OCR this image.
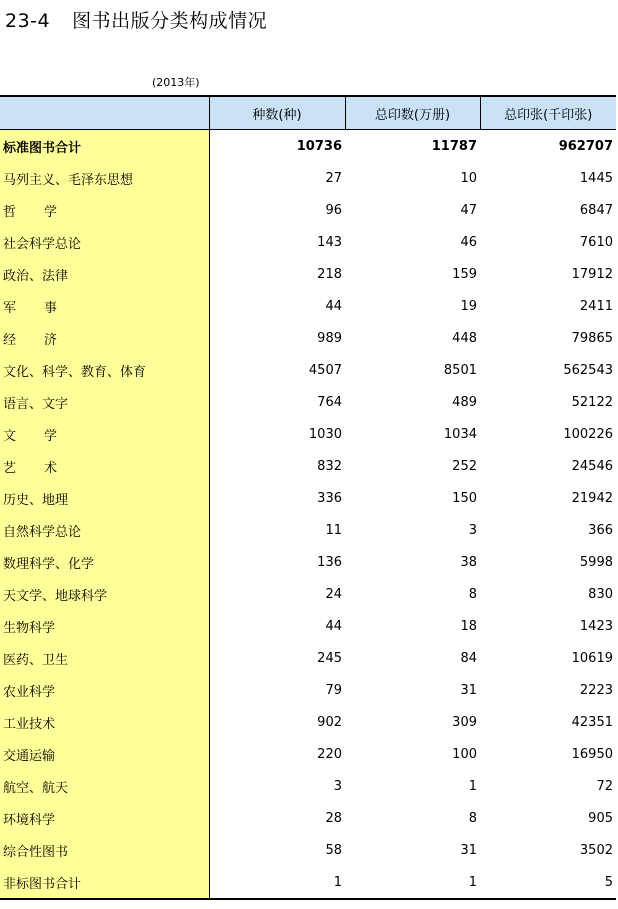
23-4 图书出版分类构成情况
(2013年)
	种数(种)	总印数(万册)	总印张(千印张)
标准图书合计	10736	11787	962707
马列主义、毛泽东思想	27	10	1445
哲 学	96	47	6847
社会科学总论	143	46	7610
政治、法律	218	159	17912
军 事	44	19	2411
经 济	989	448	79865
文化、科学、教育、体育	4507	8501	562543
语言、文字	764	489	52122
文 学	1030	1034	100226
艺 术	832	252	24546
历史、地理	336	150	21942
自然科学总论	11	3	366
数理科学、化学	136	38	5998
天文学、地球科学	24	8	830
生物科学	44	18	1423
医药、卫生	245	84	10619
农业科学	79	31	2223
工业技术	902	309	42351
交通运输	220	100	16950
航空、航天	3	1	72
环境科学	28	8	905
综合性图书	58	31	3502
非标图书合计	1	1	5
